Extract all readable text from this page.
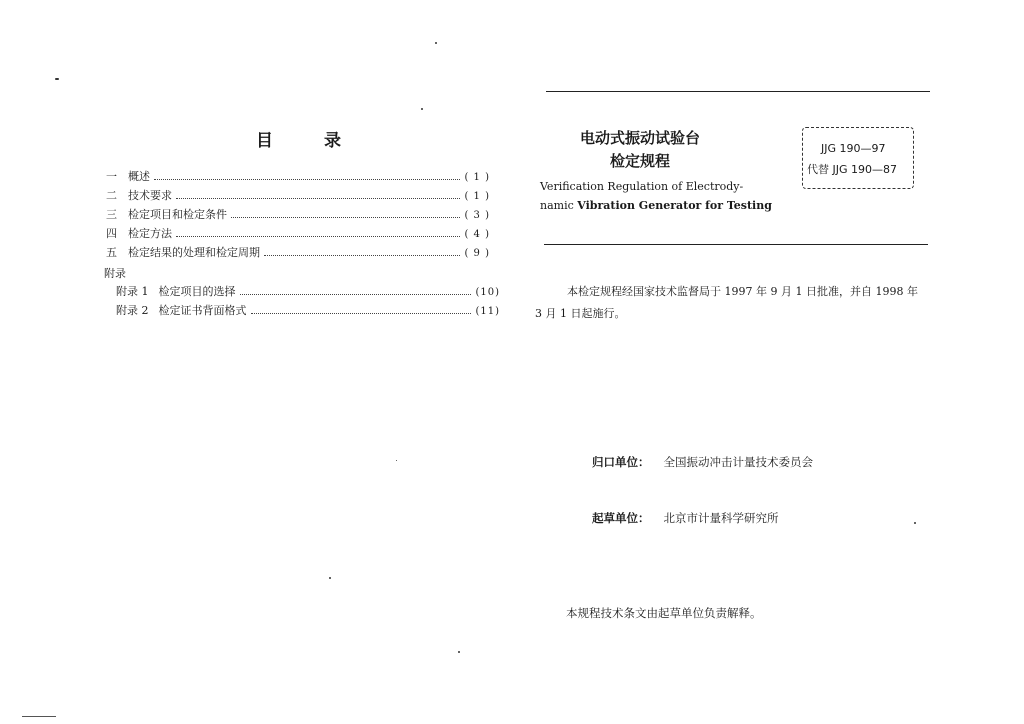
目	录
一	概述	( 1 )
二	技术要求	( 1 )
三	检定项目和检定条件	( 3 )
四	检定方法	( 4 )
五	检定结果的处理和检定周期	( 9 )
附录
附录 1 检定项目的选择	(10)
附录 2 检定证书背面格式	(11)
电动式振动试验台
检定规程
Verification Regulation of Electrody-
namic Vibration Generator for Testing
JJG 190—97
代替 JJG 190—87
本检定规程经国家技术监督局于 1997 年 9 月 1 日批准，并自 1998 年 3 月 1 日起施行。
归口单位： 全国振动冲击计量技术委员会
起草单位： 北京市计量科学研究所
本规程技术条文由起草单位负责解释。
